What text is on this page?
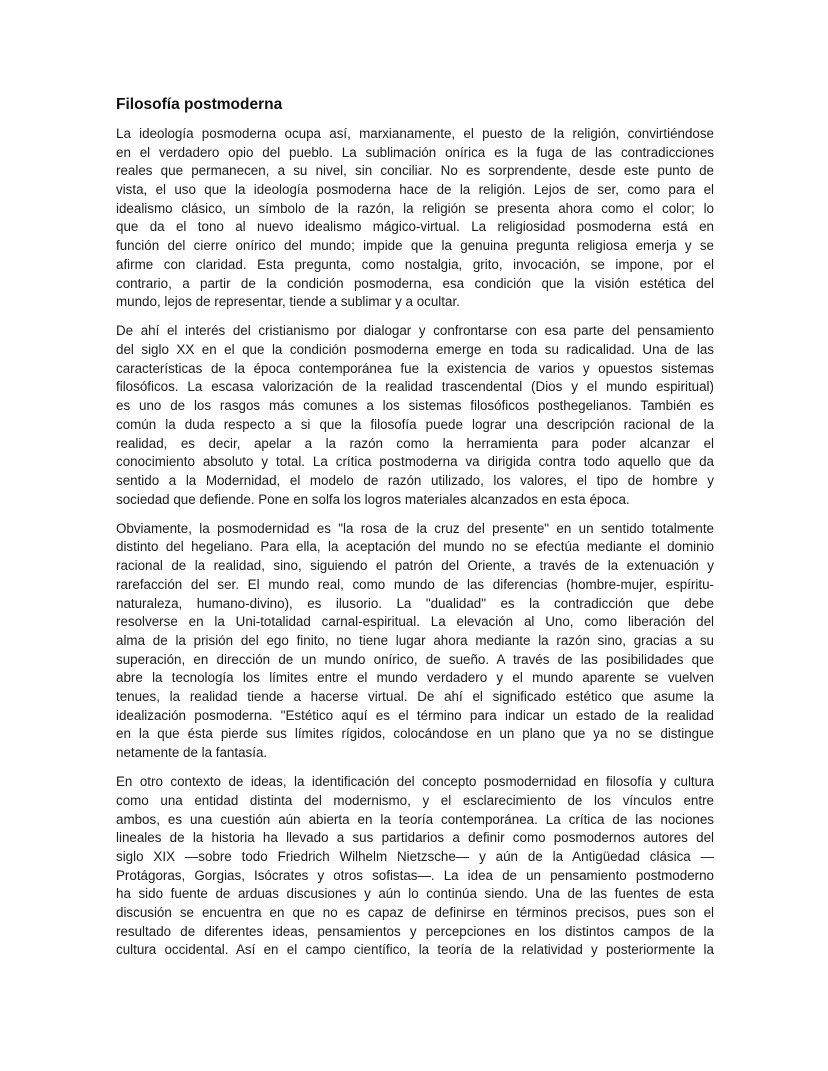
Filosofía postmoderna
La ideología posmoderna ocupa así, marxianamente, el puesto de la religión, convirtiéndose
en el verdadero opio del pueblo. La sublimación onírica es la fuga de las contradicciones
reales que permanecen, a su nivel, sin conciliar. No es sorprendente, desde este punto de
vista, el uso que la ideología posmoderna hace de la religión. Lejos de ser, como para el
idealismo clásico, un símbolo de la razón, la religión se presenta ahora como el color; lo
que da el tono al nuevo idealismo mágico-virtual. La religiosidad posmoderna está en
función del cierre onírico del mundo; impide que la genuina pregunta religiosa emerja y se
afirme con claridad. Esta pregunta, como nostalgia, grito, invocación, se impone, por el
contrario, a partir de la condición posmoderna, esa condición que la visión estética del
mundo, lejos de representar, tiende a sublimar y a ocultar.
De ahí el interés del cristianismo por dialogar y confrontarse con esa parte del pensamiento
del siglo XX en el que la condición posmoderna emerge en toda su radicalidad. Una de las
características de la época contemporánea fue la existencia de varios y opuestos sistemas
filosóficos. La escasa valorización de la realidad trascendental (Dios y el mundo espiritual)
es uno de los rasgos más comunes a los sistemas filosóficos posthegelianos. También es
común la duda respecto a si que la filosofía puede lograr una descripción racional de la
realidad, es decir, apelar a la razón como la herramienta para poder alcanzar el
conocimiento absoluto y total. La crítica postmoderna va dirigida contra todo aquello que da
sentido a la Modernidad, el modelo de razón utilizado, los valores, el tipo de hombre y
sociedad que defiende. Pone en solfa los logros materiales alcanzados en esta época.
Obviamente, la posmodernidad es "la rosa de la cruz del presente" en un sentido totalmente
distinto del hegeliano. Para ella, la aceptación del mundo no se efectúa mediante el dominio
racional de la realidad, sino, siguiendo el patrón del Oriente, a través de la extenuación y
rarefacción del ser. El mundo real, como mundo de las diferencias (hombre-mujer, espíritu-
naturaleza, humano-divino), es ilusorio. La "dualidad" es la contradicción que debe
resolverse en la Uni-totalidad carnal-espiritual. La elevación al Uno, como liberación del
alma de la prisión del ego finito, no tiene lugar ahora mediante la razón sino, gracias a su
superación, en dirección de un mundo onírico, de sueño. A través de las posibilidades que
abre la tecnología los límites entre el mundo verdadero y el mundo aparente se vuelven
tenues, la realidad tiende a hacerse virtual. De ahí el significado estético que asume la
idealización posmoderna. "Estético aquí es el término para indicar un estado de la realidad
en la que ésta pierde sus límites rígidos, colocándose en un plano que ya no se distingue
netamente de la fantasía.
En otro contexto de ideas, la identificación del concepto posmodernidad en filosofía y cultura
como una entidad distinta del modernismo, y el esclarecimiento de los vínculos entre
ambos, es una cuestión aún abierta en la teoría contemporánea. La crítica de las nociones
lineales de la historia ha llevado a sus partidarios a definir como posmodernos autores del
siglo XIX —sobre todo Friedrich Wilhelm Nietzsche— y aún de la Antigüedad clásica —
Protágoras, Gorgias, Isócrates y otros sofistas—. La idea de un pensamiento postmoderno
ha sido fuente de arduas discusiones y aún lo continúa siendo. Una de las fuentes de esta
discusión se encuentra en que no es capaz de definirse en términos precisos, pues son el
resultado de diferentes ideas, pensamientos y percepciones en los distintos campos de la
cultura occidental. Así en el campo científico, la teoría de la relatividad y posteriormente la
